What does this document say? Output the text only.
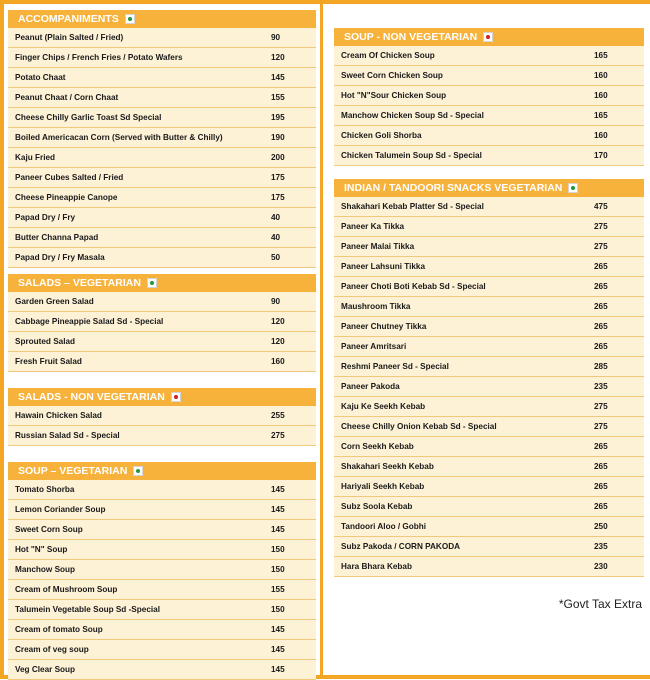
ACCOMPANIMENTS
Peanut (Plain Salted / Fried)	90
Finger Chips / French Fries / Potato Wafers	120
Potato Chaat	145
Peanut Chaat / Corn Chaat	155
Cheese Chilly Garlic Toast Sd Special	195
Boiled Americacan Corn (Served with Butter & Chilly)	190
Kaju Fried	200
Paneer Cubes Salted / Fried	175
Cheese Pineappie Canope	175
Papad Dry / Fry	40
Butter Channa Papad	40
Papad Dry / Fry Masala	50
SALADS – VEGETARIAN
Garden Green Salad	90
Cabbage Pineappie Salad Sd - Special	120
Sprouted Salad	120
Fresh Fruit Salad	160
SALADS - NON VEGETARIAN
Hawain Chicken Salad	255
Russian Salad Sd - Special	275
SOUP – VEGETARIAN
Tomato Shorba	145
Lemon Coriander Soup	145
Sweet Corn Soup	145
Hot "N" Soup	150
Manchow Soup	150
Cream of Mushroom Soup	155
Talumein Vegetable Soup Sd -Special	150
Cream of tomato Soup	145
Cream of veg soup	145
Veg Clear Soup	145
SOUP - NON VEGETARIAN
Cream Of Chicken Soup	165
Sweet Corn Chicken Soup	160
Hot "N"Sour Chicken Soup	160
Manchow Chicken Soup Sd - Special	165
Chicken Goli Shorba	160
Chicken Talumein Soup Sd - Special	170
INDIAN / TANDOORI SNACKS VEGETARIAN
Shakahari Kebab Platter Sd - Special	475
Paneer Ka Tikka	275
Paneer Malai Tikka	275
Paneer Lahsuni Tikka	265
Paneer Choti Boti Kebab Sd - Special	265
Maushroom Tikka	265
Paneer Chutney Tikka	265
Paneer Amritsari	265
Reshmi Paneer Sd - Special	285
Paneer Pakoda	235
Kaju Ke Seekh Kebab	275
Cheese Chilly Onion Kebab Sd - Special	275
Corn Seekh Kebab	265
Shakahari Seekh Kebab	265
Hariyali Seekh Kebab	265
Subz Soola Kebab	265
Tandoori Aloo / Gobhi	250
Subz Pakoda / CORN PAKODA	235
Hara Bhara Kebab	230
*Govt Tax Extra
